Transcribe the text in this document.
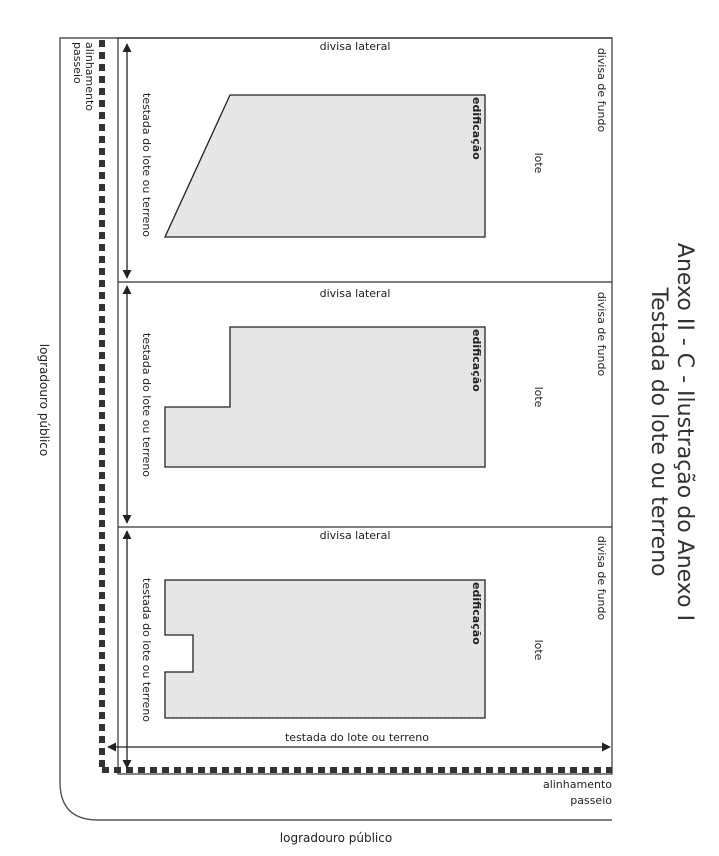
divisa lateral
divisa lateral
divisa lateral
divisa de fundo
divisa de fundo
divisa de fundo
lote
lote
lote
edificação
edificação
edificação
testada do lote ou terreno
testada do lote ou terreno
testada do lote ou terreno
testada do lote ou terreno
alinhamento
passeio
alinhamento
passeio
logradouro público
logradouro público
Anexo II - C - Ilustração do Anexo I
Testada do lote ou terreno
